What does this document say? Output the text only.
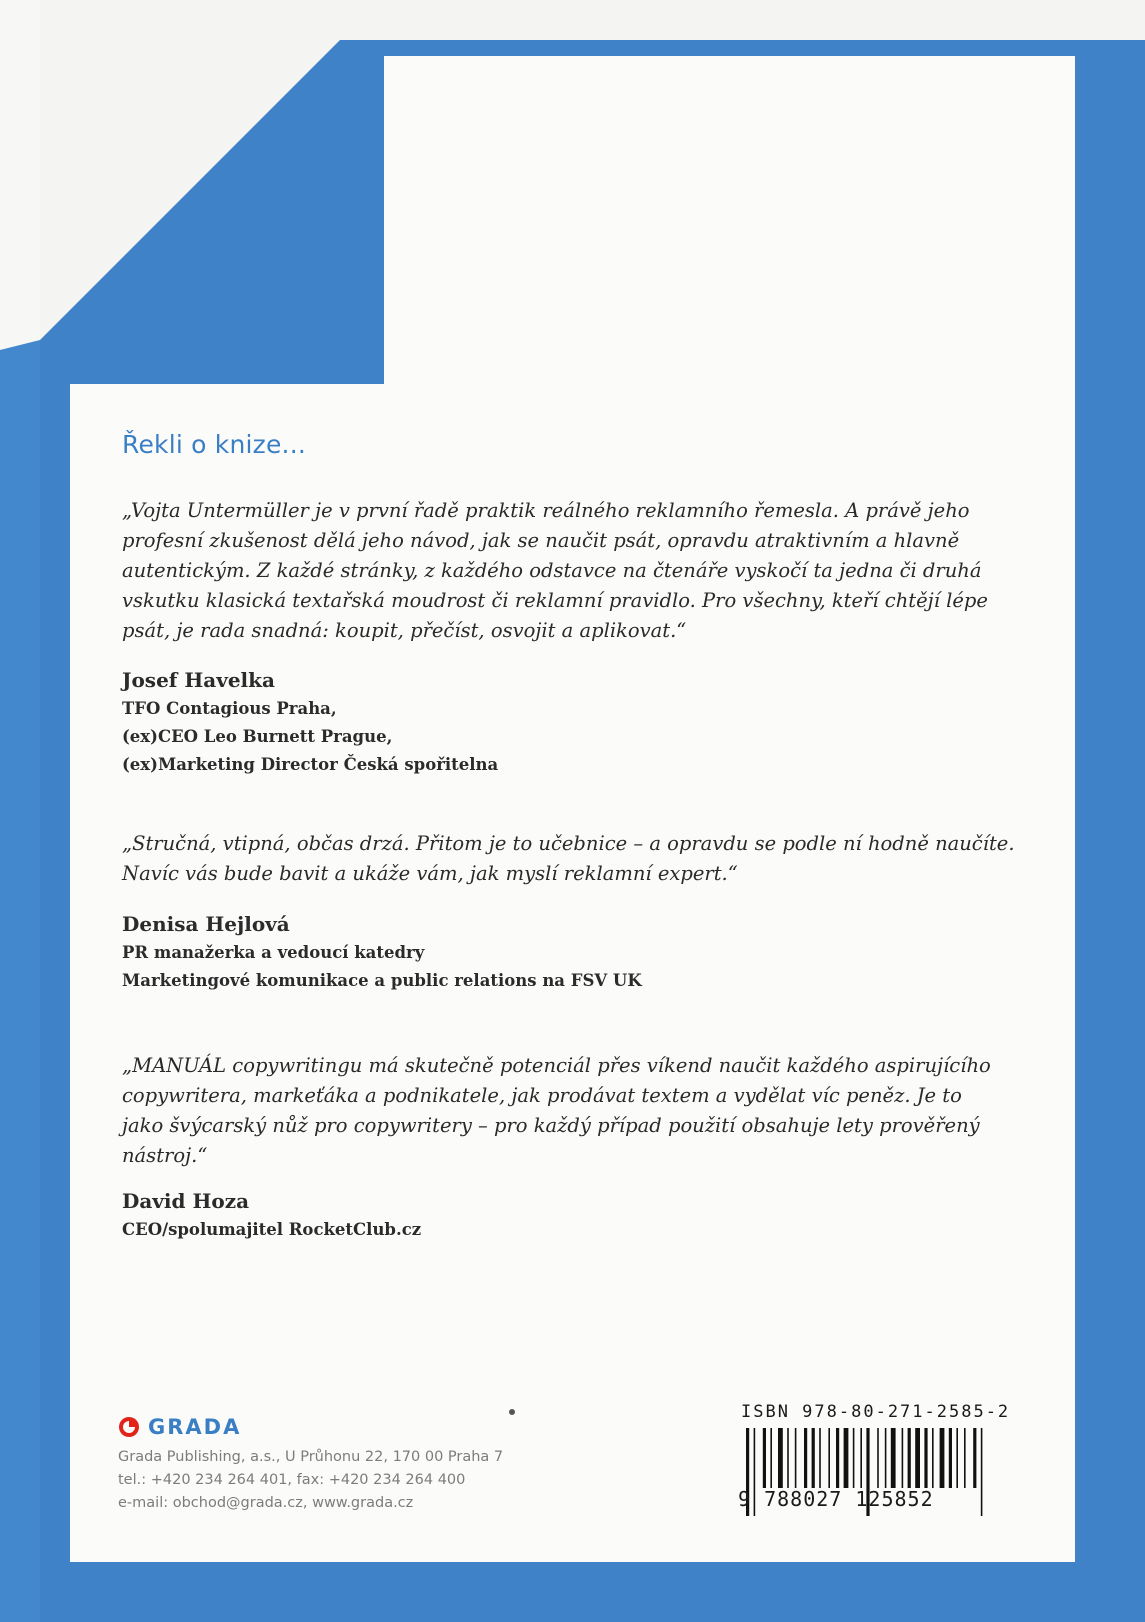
Řekli o knize...
„Vojta Untermüller je v první řadě praktik reálného reklamního řemesla. A právě jeho
profesní zkušenost dělá jeho návod, jak se naučit psát, opravdu atraktivním a hlavně
autentickým. Z každé stránky, z každého odstavce na čtenáře vyskočí ta jedna či druhá
vskutku klasická textařská moudrost či reklamní pravidlo. Pro všechny, kteří chtějí lépe
psát, je rada snadná: koupit, přečíst, osvojit a aplikovat.“
Josef Havelka
TFO Contagious Praha,
(ex)CEO Leo Burnett Prague,
(ex)Marketing Director Česká spořitelna
„Stručná, vtipná, občas drzá. Přitom je to učebnice – a opravdu se podle ní hodně naučíte.
Navíc vás bude bavit a ukáže vám, jak myslí reklamní expert.“
Denisa Hejlová
PR manažerka a vedoucí katedry
Marketingové komunikace a public relations na FSV UK
„MANUÁL copywritingu má skutečně potenciál přes víkend naučit každého aspirujícího
copywritera, markeťáka a podnikatele, jak prodávat textem a vydělat víc peněz. Je to
jako švýcarský nůž pro copywritery – pro každý případ použití obsahuje lety prověřený
nástroj.“
David Hoza
CEO/spolumajitel RocketClub.cz
GRADA
Grada Publishing, a.s., U Průhonu 22, 170 00 Praha 7
tel.: +420 234 264 401, fax: +420 234 264 400
e-mail: obchod@grada.cz, www.grada.cz
ISBN 978-80-271-2585-2
9 788027 125852
